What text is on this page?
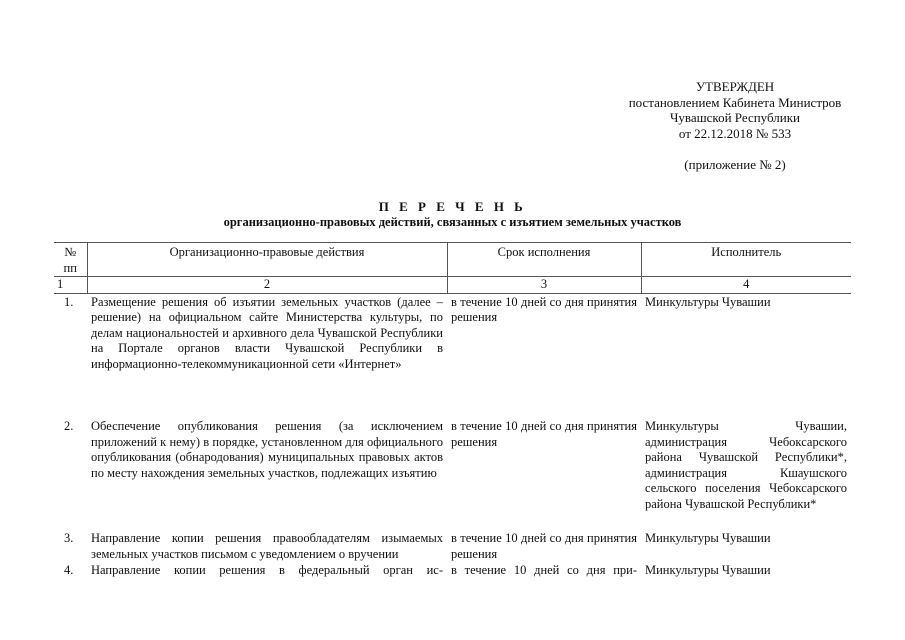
УТВЕРЖДЕН
постановлением Кабинета Министров
Чувашской Республики
от 22.12.2018 № 533
(приложение № 2)
П Е Р Е Ч Е Н Ь
организационно-правовых действий, связанных с изъятием земельных участков
№ пп	Организационно-правовые действия	Срок исполнения	Исполнитель
1	2	3	4
1.	Размещение решения об изъятии земельных участков (далее – решение) на официальном сайте Министерства культуры, по делам национальностей и архивного дела Чувашской Республики на Портале органов власти Чувашской Республики в информационно-телекоммуникационной сети «Интернет»	в течение 10 дней со дня принятия решения	Минкультуры Чувашии

2.	Обеспечение опубликования решения (за исключением приложений к нему) в порядке, установленном для официального опубликования (обнародования) муниципальных правовых актов по месту нахождения земельных участков, подлежащих изъятию	в течение 10 дней со дня принятия решения	Минкультуры Чувашии, администрация Чебоксарского района Чувашской Республики*, администрация Кшаушского сельского поселения Чебоксарского района Чувашской Республики*

3.	Направление копии решения правообладателям изымаемых земельных участков письмом с уведомлением о вручении	в течение 10 дней со дня принятия решения	Минкультуры Чувашии
4.	Направление копии решения в федеральный орган ис-	в течение 10 дней со дня при-	Минкультуры Чувашии
